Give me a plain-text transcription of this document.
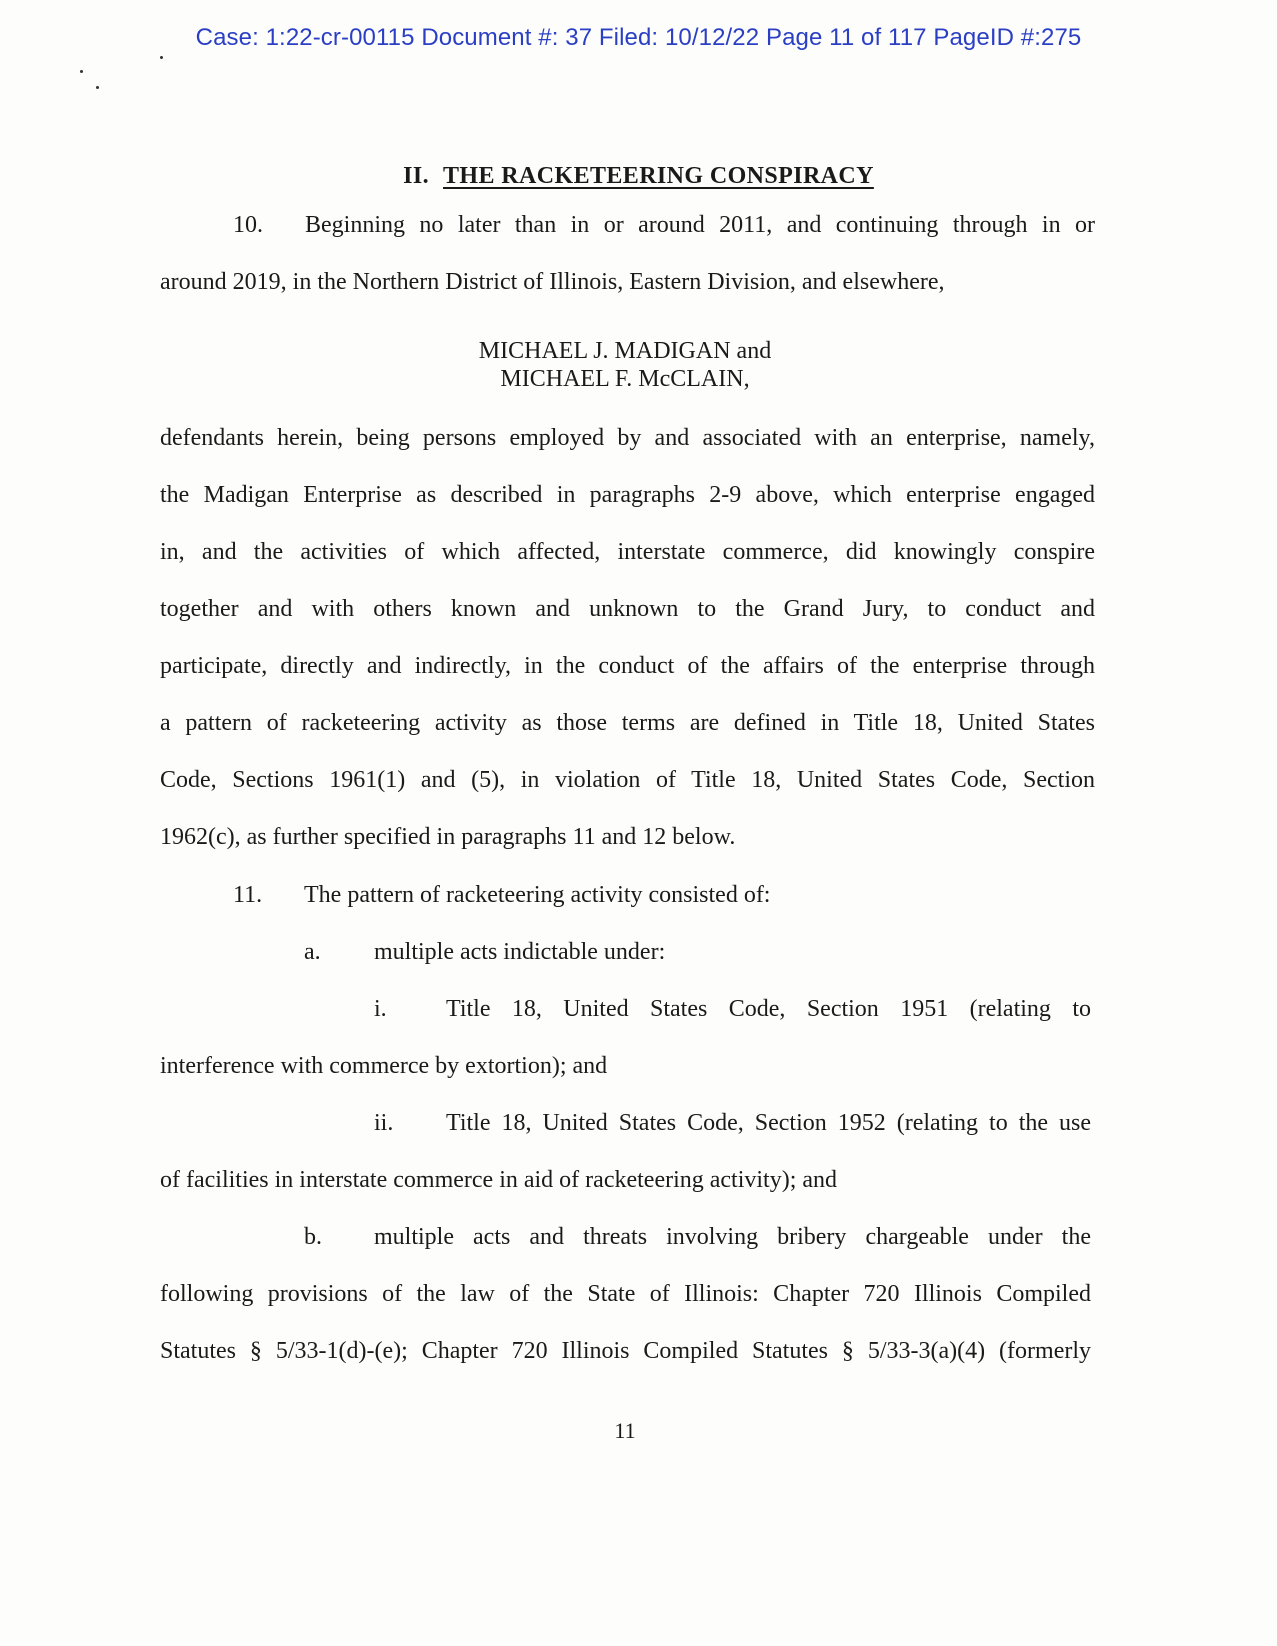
Case: 1:22-cr-00115 Document #: 37 Filed: 10/12/22 Page 11 of 117 PageID #:275
II. THE RACKETEERING CONSPIRACY
10. Beginning no later than in or around 2011, and continuing through in or
around 2019, in the Northern District of Illinois, Eastern Division, and elsewhere,
MICHAEL J. MADIGAN and
MICHAEL F. McCLAIN,
defendants herein, being persons employed by and associated with an enterprise, namely,
the Madigan Enterprise as described in paragraphs 2-9 above, which enterprise engaged
in, and the activities of which affected, interstate commerce, did knowingly conspire
together and with others known and unknown to the Grand Jury, to conduct and
participate, directly and indirectly, in the conduct of the affairs of the enterprise through
a pattern of racketeering activity as those terms are defined in Title 18, United States
Code, Sections 1961(1) and (5), in violation of Title 18, United States Code, Section
1962(c), as further specified in paragraphs 11 and 12 below.
11. The pattern of racketeering activity consisted of:
a. multiple acts indictable under:
i. Title 18, United States Code, Section 1951 (relating to
interference with commerce by extortion); and
ii. Title 18, United States Code, Section 1952 (relating to the use
of facilities in interstate commerce in aid of racketeering activity); and
b. multiple acts and threats involving bribery chargeable under the
following provisions of the law of the State of Illinois: Chapter 720 Illinois Compiled
Statutes § 5/33-1(d)-(e); Chapter 720 Illinois Compiled Statutes § 5/33-3(a)(4) (formerly
11
